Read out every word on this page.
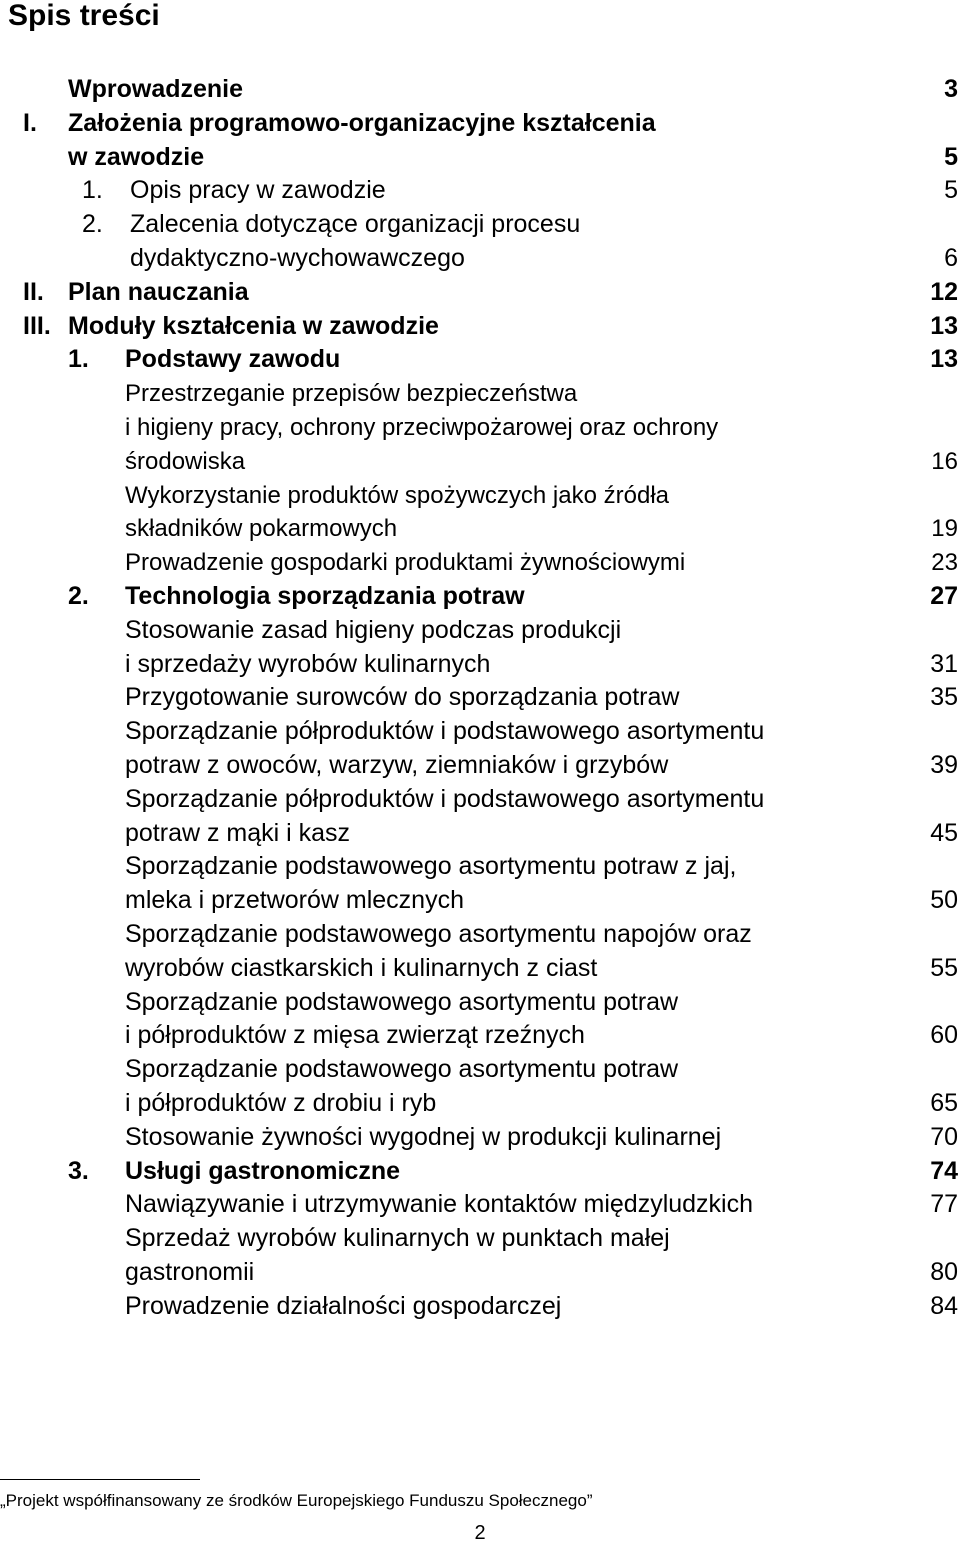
Spis treści
Wprowadzenie	3
I. Założenia programowo-organizacyjne kształcenia
w zawodzie	5
1. Opis pracy w zawodzie	5
2. Zalecenia dotyczące organizacji procesu
dydaktyczno-wychowawczego	6
II. Plan nauczania	12
III. Moduły kształcenia w zawodzie	13
1. Podstawy zawodu	13
Przestrzeganie przepisów bezpieczeństwa
i higieny pracy, ochrony przeciwpożarowej oraz ochrony
środowiska	16
Wykorzystanie produktów spożywczych jako źródła
składników pokarmowych	19
Prowadzenie gospodarki produktami żywnościowymi	23
2. Technologia sporządzania potraw	27
Stosowanie zasad higieny podczas produkcji
i sprzedaży wyrobów kulinarnych	31
Przygotowanie surowców do sporządzania potraw	35
Sporządzanie półproduktów i podstawowego asortymentu
potraw z owoców, warzyw, ziemniaków i grzybów	39
Sporządzanie półproduktów i podstawowego asortymentu
potraw z mąki i kasz	45
Sporządzanie podstawowego asortymentu potraw z jaj,
mleka i przetworów mlecznych	50
Sporządzanie podstawowego asortymentu napojów oraz
wyrobów ciastkarskich i kulinarnych z ciast	55
Sporządzanie podstawowego asortymentu potraw
i półproduktów z mięsa zwierząt rzeźnych	60
Sporządzanie podstawowego asortymentu potraw
i półproduktów z drobiu i ryb	65
Stosowanie żywności wygodnej w produkcji kulinarnej	70
3. Usługi gastronomiczne	74
Nawiązywanie i utrzymywanie kontaktów międzyludzkich	77
Sprzedaż wyrobów kulinarnych w punktach małej
gastronomii	80
Prowadzenie działalności gospodarczej	84
„Projekt współfinansowany ze środków Europejskiego Funduszu Społecznego”
2
